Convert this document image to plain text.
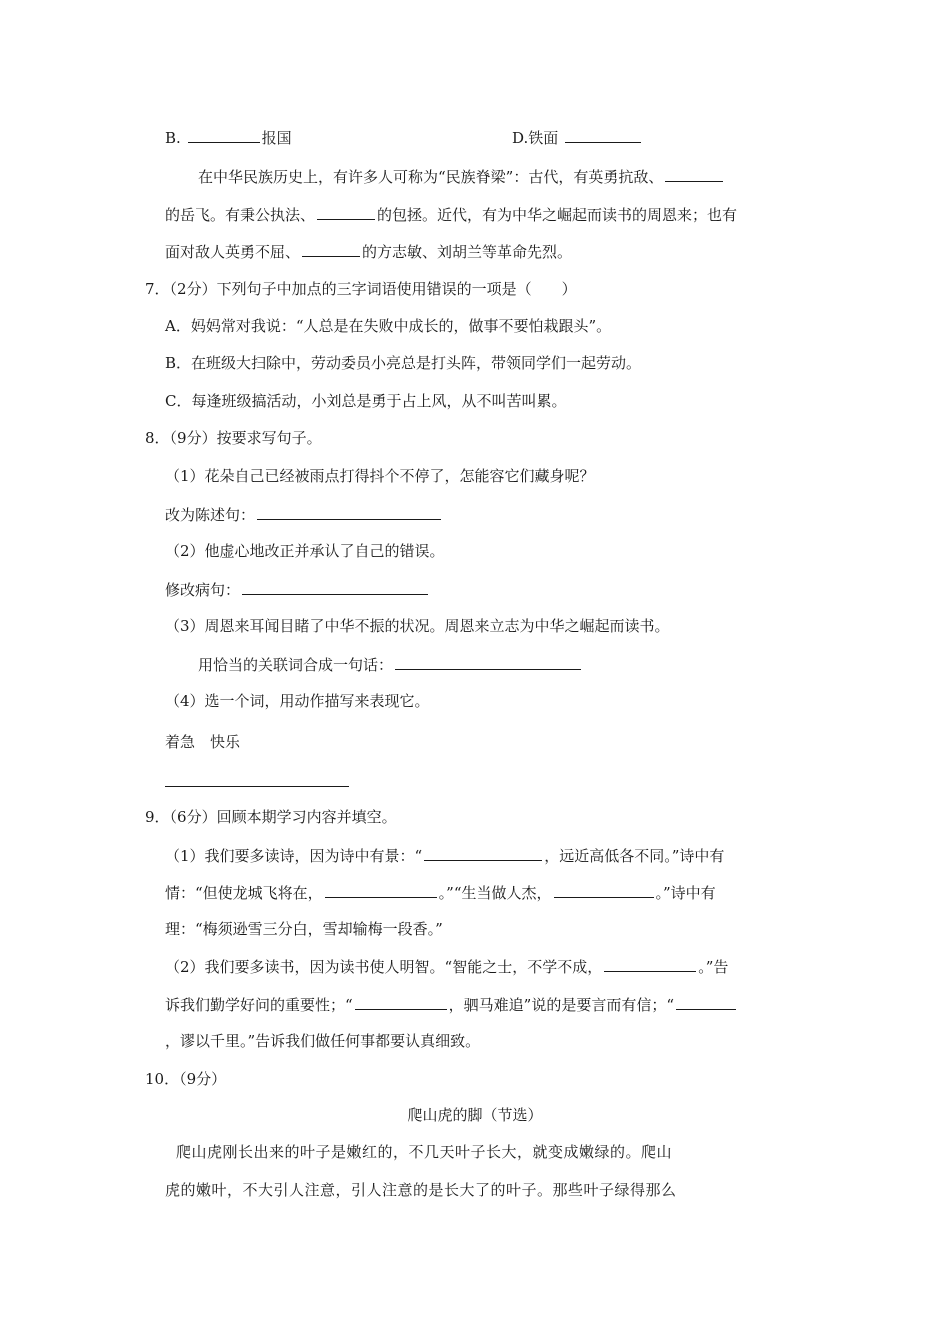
B.	报国	D.铁面
在中华民族历史上，有许多人可称为“民族脊梁”：古代，有英勇抗敌、
的岳飞。有秉公执法、	的包拯。近代，有为中华之崛起而读书的周恩来；也有
面对敌人英勇不屈、	的方志敏、刘胡兰等革命先烈。
7．（2分）下列句子中加点的三字词语使用错误的一项是（　　）
A．妈妈常对我说：“人总是在失败中成长的，做事不要怕栽跟头”。
B．在班级大扫除中，劳动委员小亮总是打头阵，带领同学们一起劳动。
C．每逢班级搞活动，小刘总是勇于占上风，从不叫苦叫累。
8．（9分）按要求写句子。
（1）花朵自己已经被雨点打得抖个不停了，怎能容它们藏身呢？
改为陈述句：
（2）他虚心地改正并承认了自己的错误。
修改病句：
（3）周恩来耳闻目睹了中华不振的状况。周恩来立志为中华之崛起而读书。
用恰当的关联词合成一句话：
（4）选一个词，用动作描写来表现它。
着急　快乐
9．（6分）回顾本期学习内容并填空。
（1）我们要多读诗，因为诗中有景：“	，远近高低各不同。”诗中有
情：“但使龙城飞将在，	。”“生当做人杰，	。”诗中有
理：“梅须逊雪三分白，雪却输梅一段香。”
（2）我们要多读书，因为读书使人明智。“智能之士，不学不成，	。”告
诉我们勤学好问的重要性；“	，驷马难追”说的是要言而有信；“
，谬以千里。”告诉我们做任何事都要认真细致。
10．（9分）
爬山虎的脚（节选）
爬山虎刚长出来的叶子是嫩红的，不几天叶子长大，就变成嫩绿的。爬山
虎的嫩叶，不大引人注意，引人注意的是长大了的叶子。那些叶子绿得那么
